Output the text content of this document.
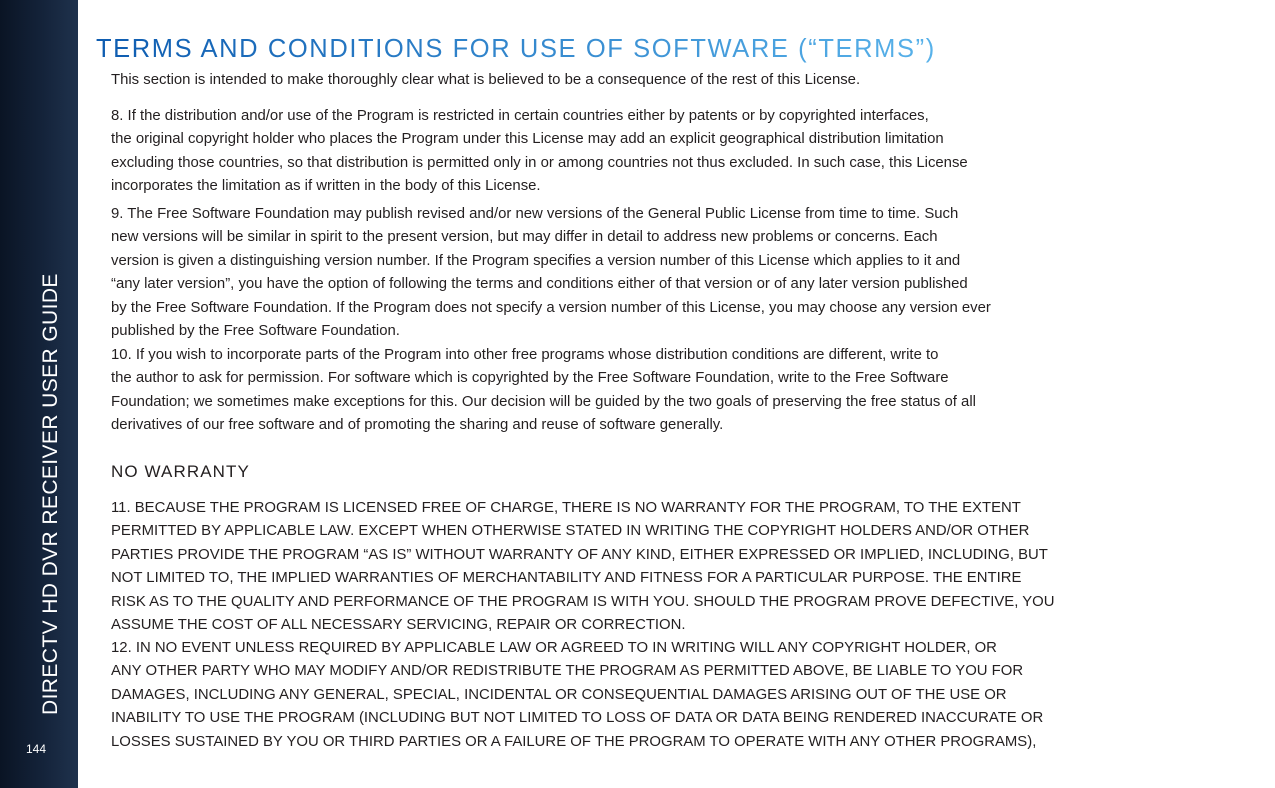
DIRECTV HD DVR RECEIVER USER GUIDE
144
TERMS AND CONDITIONS FOR USE OF SOFTWARE (“TERMS”)

This section is intended to make thoroughly clear what is believed to be a consequence of the rest of this License.

8. If the distribution and/or use of the Program is restricted in certain countries either by patents or by copyrighted interfaces,
the original copyright holder who places the Program under this License may add an explicit geographical distribution limitation
excluding those countries, so that distribution is permitted only in or among countries not thus excluded. In such case, this License
incorporates the limitation as if written in the body of this License.

9. The Free Software Foundation may publish revised and/or new versions of the General Public License from time to time. Such
new versions will be similar in spirit to the present version, but may differ in detail to address new problems or concerns. Each
version is given a distinguishing version number. If the Program specifies a version number of this License which applies to it and
“any later version”, you have the option of following the terms and conditions either of that version or of any later version published
by the Free Software Foundation. If the Program does not specify a version number of this License, you may choose any version ever
published by the Free Software Foundation.

10. If you wish to incorporate parts of the Program into other free programs whose distribution conditions are different, write to
the author to ask for permission. For software which is copyrighted by the Free Software Foundation, write to the Free Software
Foundation; we sometimes make exceptions for this. Our decision will be guided by the two goals of preserving the free status of all
derivatives of our free software and of promoting the sharing and reuse of software generally.

11. BECAUSE THE PROGRAM IS LICENSED FREE OF CHARGE, THERE IS NO WARRANTY FOR THE PROGRAM, TO THE EXTENT
PERMITTED BY APPLICABLE LAW. EXCEPT WHEN OTHERWISE STATED IN WRITING THE COPYRIGHT HOLDERS AND/OR OTHER
PARTIES PROVIDE THE PROGRAM “AS IS” WITHOUT WARRANTY OF ANY KIND, EITHER EXPRESSED OR IMPLIED, INCLUDING, BUT
NOT LIMITED TO, THE IMPLIED WARRANTIES OF MERCHANTABILITY AND FITNESS FOR A PARTICULAR PURPOSE. THE ENTIRE
RISK AS TO THE QUALITY AND PERFORMANCE OF THE PROGRAM IS WITH YOU. SHOULD THE PROGRAM PROVE DEFECTIVE, YOU
ASSUME THE COST OF ALL NECESSARY SERVICING, REPAIR OR CORRECTION.

12. IN NO EVENT UNLESS REQUIRED BY APPLICABLE LAW OR AGREED TO IN WRITING WILL ANY COPYRIGHT HOLDER, OR
ANY OTHER PARTY WHO MAY MODIFY AND/OR REDISTRIBUTE THE PROGRAM AS PERMITTED ABOVE, BE LIABLE TO YOU FOR
DAMAGES, INCLUDING ANY GENERAL, SPECIAL, INCIDENTAL OR CONSEQUENTIAL DAMAGES ARISING OUT OF THE USE OR
INABILITY TO USE THE PROGRAM (INCLUDING BUT NOT LIMITED TO LOSS OF DATA OR DATA BEING RENDERED INACCURATE OR
LOSSES SUSTAINED BY YOU OR THIRD PARTIES OR A FAILURE OF THE PROGRAM TO OPERATE WITH ANY OTHER PROGRAMS),

NO WARRANTY
